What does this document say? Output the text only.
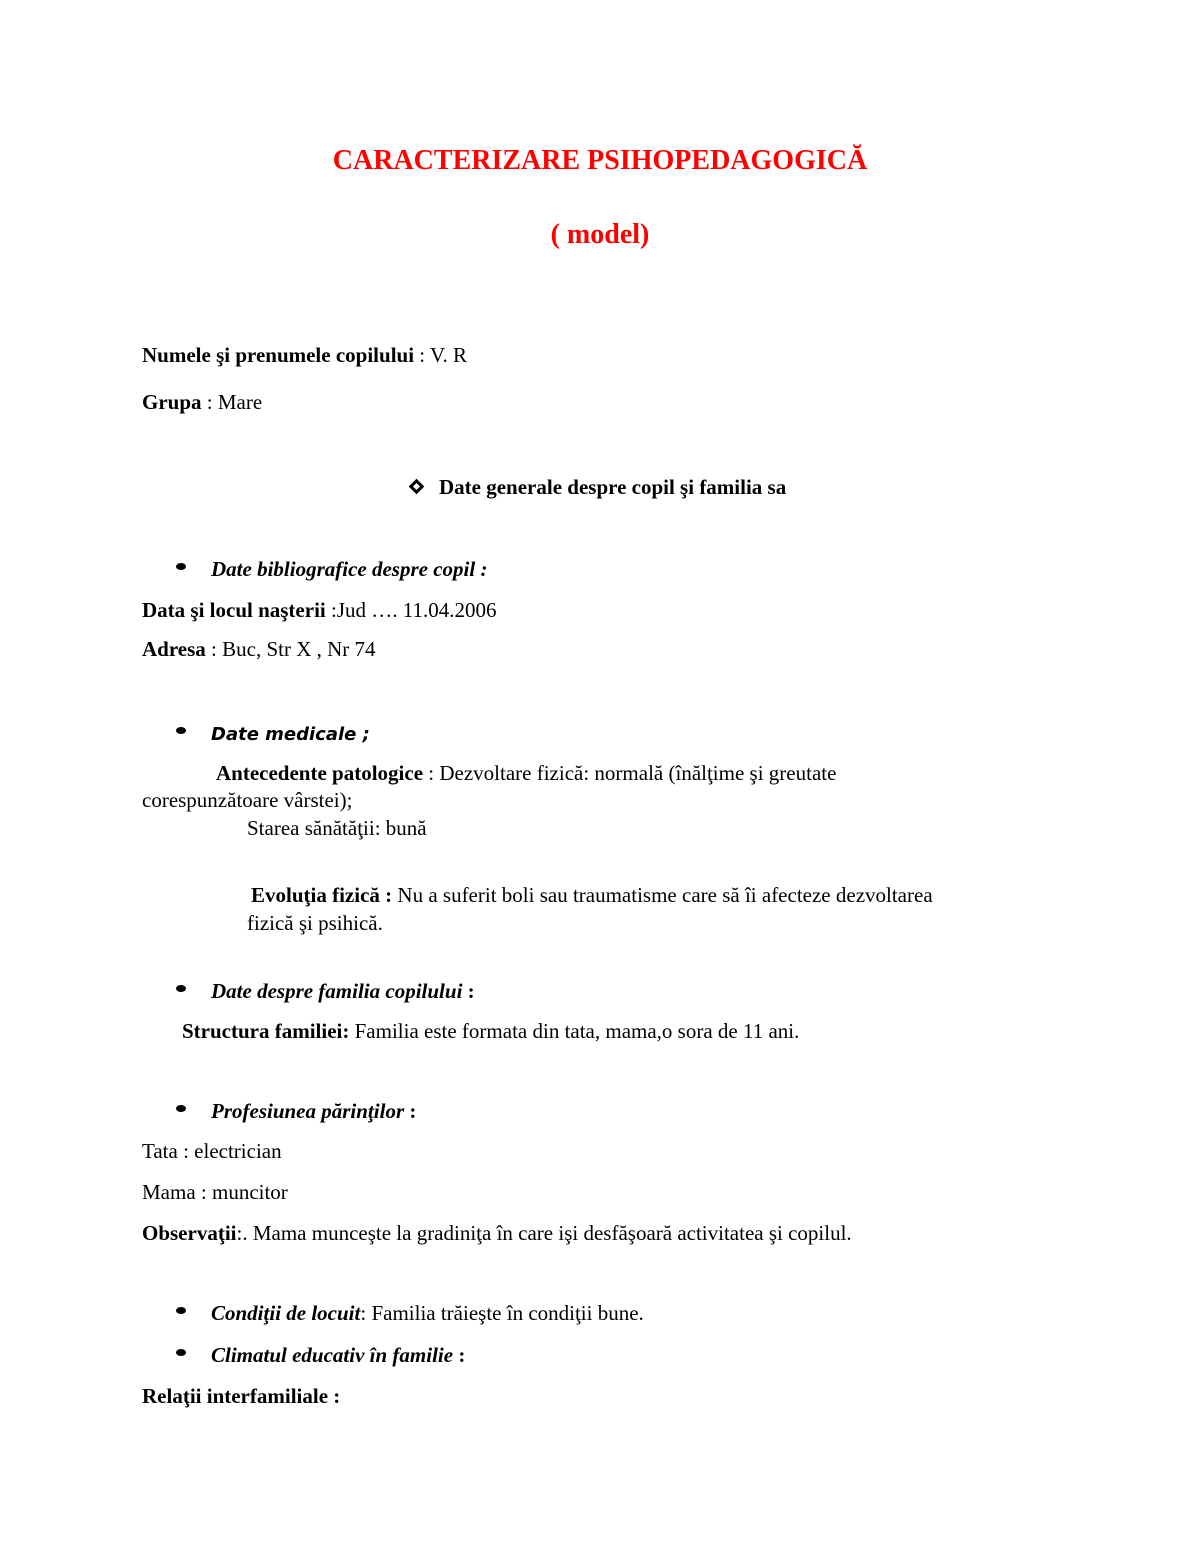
CARACTERIZARE PSIHOPEDAGOGICĂ
( model)
Numele şi prenumele copilului : V. R
Grupa : Mare
Date generale despre copil şi familia sa
Date bibliografice despre copil :
Data şi locul naşterii :Jud …. 11.04.2006
Adresa : Buc, Str X , Nr 74
Date medicale ;
Antecedente patologice : Dezvoltare fizică: normală (înălţime şi greutate
corespunzătoare vârstei);
Starea sănătăţii: bună
Evoluţia fizică : Nu a suferit boli sau traumatisme care să îi afecteze dezvoltarea
fizică şi psihică.
Date despre familia copilului :
Structura familiei: Familia este formata din tata, mama,o sora de 11 ani.
Profesiunea părinţilor :
Tata : electrician
Mama : muncitor
Observaţii:. Mama munceşte la gradiniţa în care işi desfăşoară activitatea şi copilul.
Condiţii de locuit: Familia trăieşte în condiţii bune.
Climatul educativ în familie :
Relaţii interfamiliale :
